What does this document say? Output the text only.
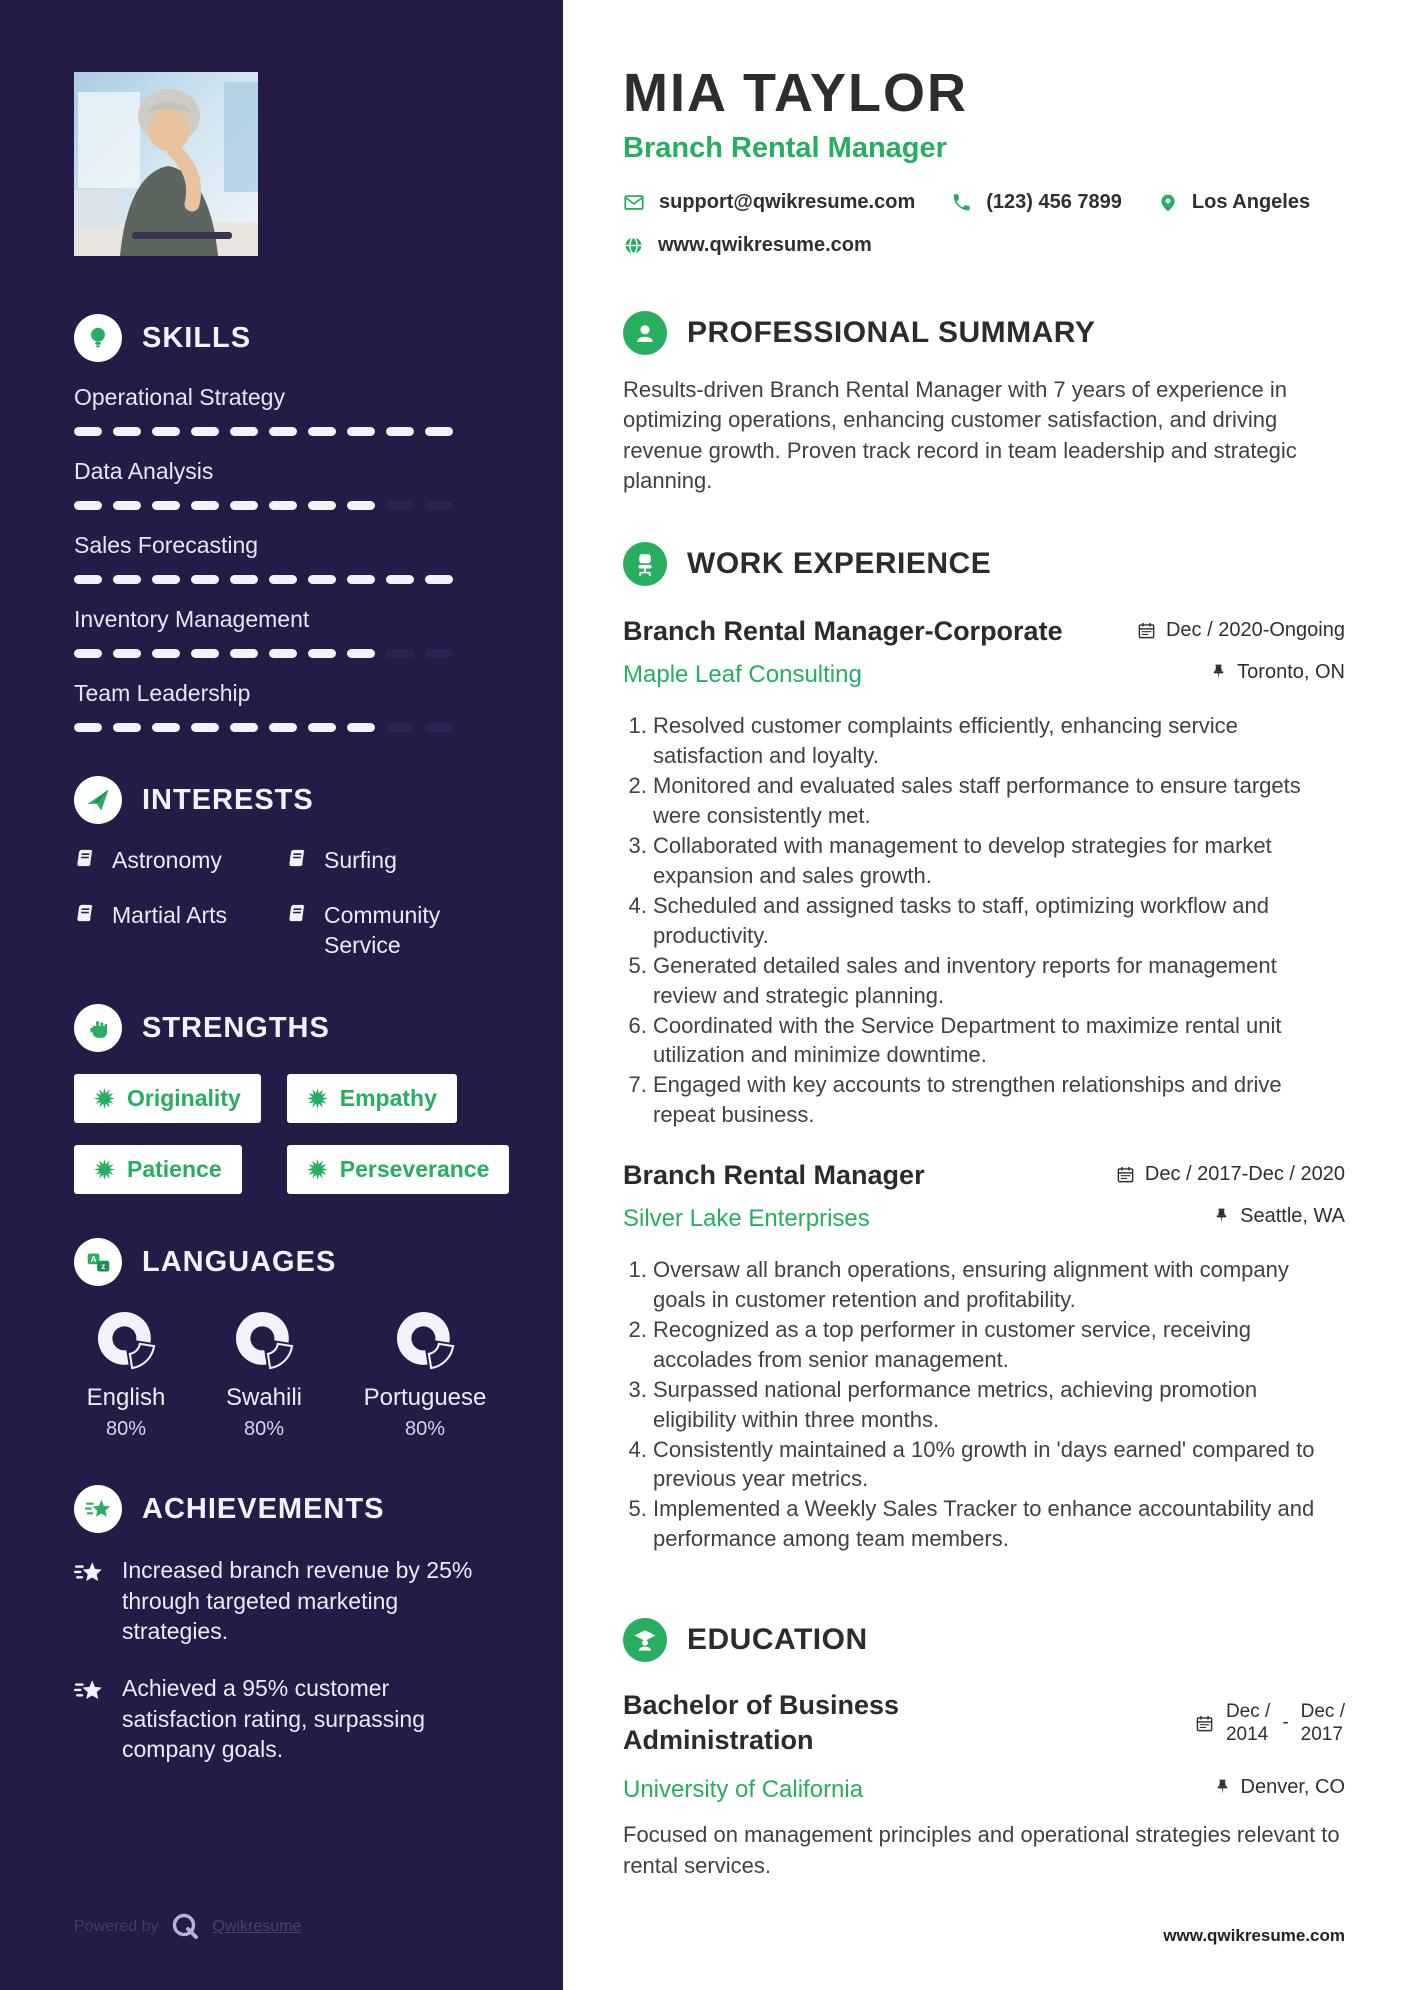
SKILLS
Operational Strategy
Data Analysis
Sales Forecasting
Inventory Management
Team Leadership
INTERESTS
Astronomy	Surfing
Martial Arts	Community Service
STRENGTHS
Originality	Empathy
Patience	Perseverance
A
z LANGUAGES
English
80%
Swahili
80%
Portuguese
80%
ACHIEVEMENTS
Increased branch revenue by 25% through targeted marketing strategies.
Achieved a 95% customer satisfaction rating, surpassing company goals.
Powered by	Qwikresume
MIA TAYLOR
Branch Rental Manager
support@qwikresume.com	(123) 456 7899	Los Angeles
www.qwikresume.com
PROFESSIONAL SUMMARY

Results-driven Branch Rental Manager with 7 years of experience in optimizing operations, enhancing customer satisfaction, and driving revenue growth. Proven track record in team leadership and strategic planning.

WORK EXPERIENCE
Branch Rental Manager-Corporate	Dec / 2020-Ongoing
Maple Leaf Consulting	Toronto, ON
1. Resolved customer complaints efficiently, enhancing service satisfaction and loyalty.
2. Monitored and evaluated sales staff performance to ensure targets were consistently met.
3. Collaborated with management to develop strategies for market expansion and sales growth.
4. Scheduled and assigned tasks to staff, optimizing workflow and productivity.
5. Generated detailed sales and inventory reports for management review and strategic planning.
6. Coordinated with the Service Department to maximize rental unit utilization and minimize downtime.
7. Engaged with key accounts to strengthen relationships and drive repeat business.
Branch Rental Manager	Dec / 2017-Dec / 2020
Silver Lake Enterprises	Seattle, WA
1. Oversaw all branch operations, ensuring alignment with company goals in customer retention and profitability.
2. Recognized as a top performer in customer service, receiving accolades from senior management.
3. Surpassed national performance metrics, achieving promotion eligibility within three months.
4. Consistently maintained a 10% growth in 'days earned' compared to previous year metrics.
5. Implemented a Weekly Sales Tracker to enhance accountability and performance among team members.
EDUCATION
Bachelor of Business Administration
Dec /
2014
-
Dec /
2017
University of California	Denver, CO

Focused on management principles and operational strategies relevant to rental services.

www.qwikresume.com
